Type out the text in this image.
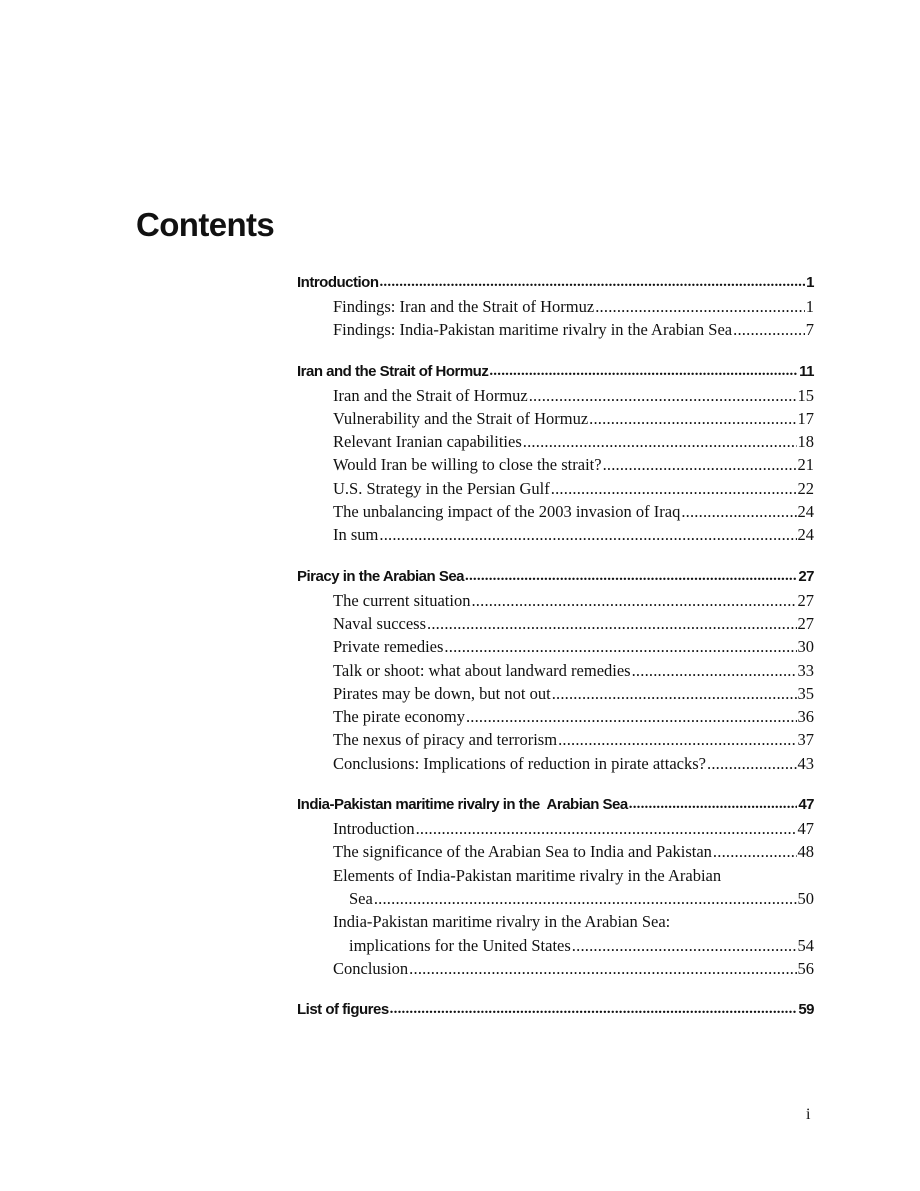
Contents
Introduction .....	1
Findings: Iran and the Strait of Hormuz .....	1
Findings: India-Pakistan maritime rivalry in the Arabian Sea .....	7
Iran and the Strait of Hormuz .....	11
Iran and the Strait of Hormuz .....	15
Vulnerability and the Strait of Hormuz .....	17
Relevant Iranian capabilities .....	18
Would Iran be willing to close the strait? .....	21
U.S. Strategy in the Persian Gulf .....	22
The unbalancing impact of the 2003 invasion of Iraq .....	24
In sum .....	24
Piracy in the Arabian Sea .....	27
The current situation .....	27
Naval success .....	27
Private remedies .....	30
Talk or shoot: what about landward remedies .....	33
Pirates may be down, but not out .....	35
The pirate economy .....	36
The nexus of piracy and terrorism .....	37
Conclusions: Implications of reduction in pirate attacks? .....	43
India-Pakistan maritime rivalry in the  Arabian Sea .....	47
Introduction .....	47
The significance of the Arabian Sea to India and Pakistan .....	48
Elements of India-Pakistan maritime rivalry in the Arabian
Sea .....	50
India-Pakistan maritime rivalry in the Arabian Sea:
implications for the United States .....	54
Conclusion .....	56
List of figures .....	59
i
